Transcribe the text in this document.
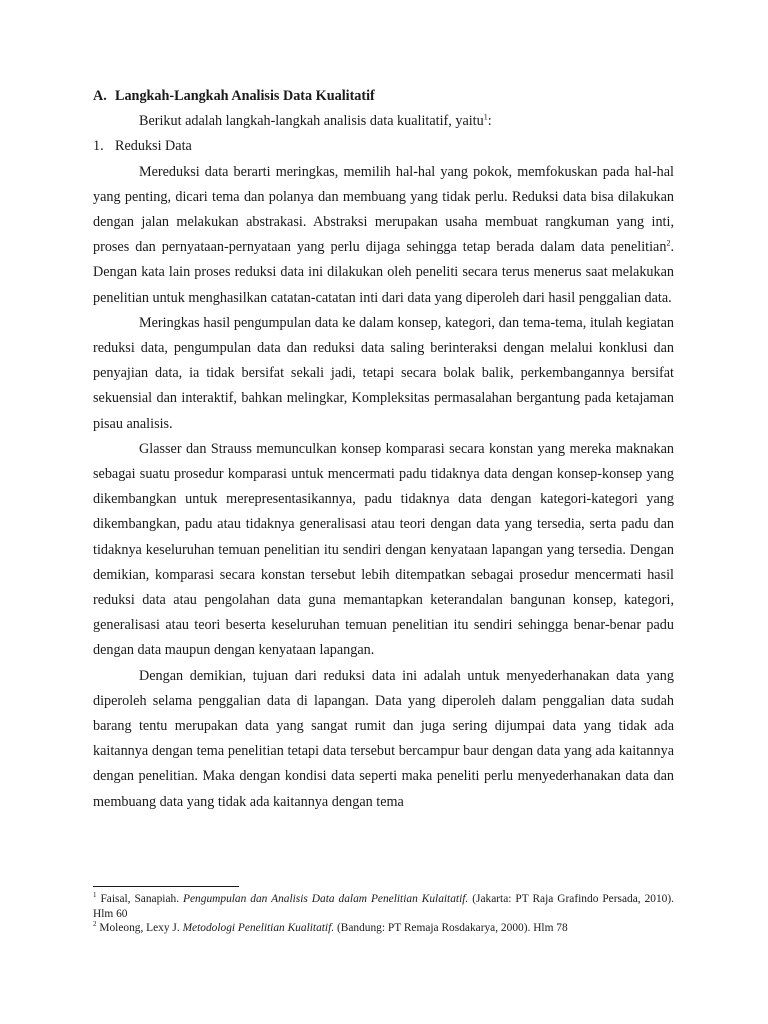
A. Langkah-Langkah Analisis Data Kualitatif

Berikut adalah langkah-langkah analisis data kualitatif, yaitu$^1$:

1. Reduksi Data

Mereduksi data berarti meringkas, memilih hal-hal yang pokok, memfokuskan pada hal-hal yang penting, dicari tema dan polanya dan membuang yang tidak perlu. Reduksi data bisa dilakukan dengan jalan melakukan abstrakasi. Abstraksi merupakan usaha membuat rangkuman yang inti, proses dan pernyataan-pernyataan yang perlu dijaga sehingga tetap berada dalam data penelitian$^2$. Dengan kata lain proses reduksi data ini dilakukan oleh peneliti secara terus menerus saat melakukan penelitian untuk menghasilkan catatan-catatan inti dari data yang diperoleh dari hasil penggalian data.

Meringkas hasil pengumpulan data ke dalam konsep, kategori, dan tema-tema, itulah kegiatan reduksi data, pengumpulan data dan reduksi data saling berinteraksi dengan melalui konklusi dan penyajian data, ia tidak bersifat sekali jadi, tetapi secara bolak balik, perkembangannya bersifat sekuensial dan interaktif, bahkan melingkar, Kompleksitas permasalahan bergantung pada ketajaman pisau analisis.

Glasser dan Strauss memunculkan konsep komparasi secara konstan yang mereka maknakan sebagai suatu prosedur komparasi untuk mencermati padu tidaknya data dengan konsep-konsep yang dikembangkan untuk merepresentasikannya, padu tidaknya data dengan kategori-kategori yang dikembangkan, padu atau tidaknya generalisasi atau teori dengan data yang tersedia, serta padu dan tidaknya keseluruhan temuan penelitian itu sendiri dengan kenyataan lapangan yang tersedia. Dengan demikian, komparasi secara konstan tersebut lebih ditempatkan sebagai prosedur mencermati hasil reduksi data atau pengolahan data guna memantapkan keterandalan bangunan konsep, kategori, generalisasi atau teori beserta keseluruhan temuan penelitian itu sendiri sehingga benar-benar padu dengan data maupun dengan kenyataan lapangan.

Dengan demikian, tujuan dari reduksi data ini adalah untuk menyederhanakan data yang diperoleh selama penggalian data di lapangan. Data yang diperoleh dalam penggalian data sudah barang tentu merupakan data yang sangat rumit dan juga sering dijumpai data yang tidak ada kaitannya dengan tema penelitian tetapi data tersebut bercampur baur dengan data yang ada kaitannya dengan penelitian. Maka dengan kondisi data seperti maka peneliti perlu menyederhanakan data dan membuang data yang tidak ada kaitannya dengan tema

$^1$ Faisal, Sanapiah. Pengumpulan dan Analisis Data dalam Penelitian Kulaitatif. (Jakarta: PT Raja Grafindo Persada, 2010). Hlm 60

$^2$ Moleong, Lexy J. Metodologi Penelitian Kualitatif. (Bandung: PT Remaja Rosdakarya, 2000). Hlm 78
